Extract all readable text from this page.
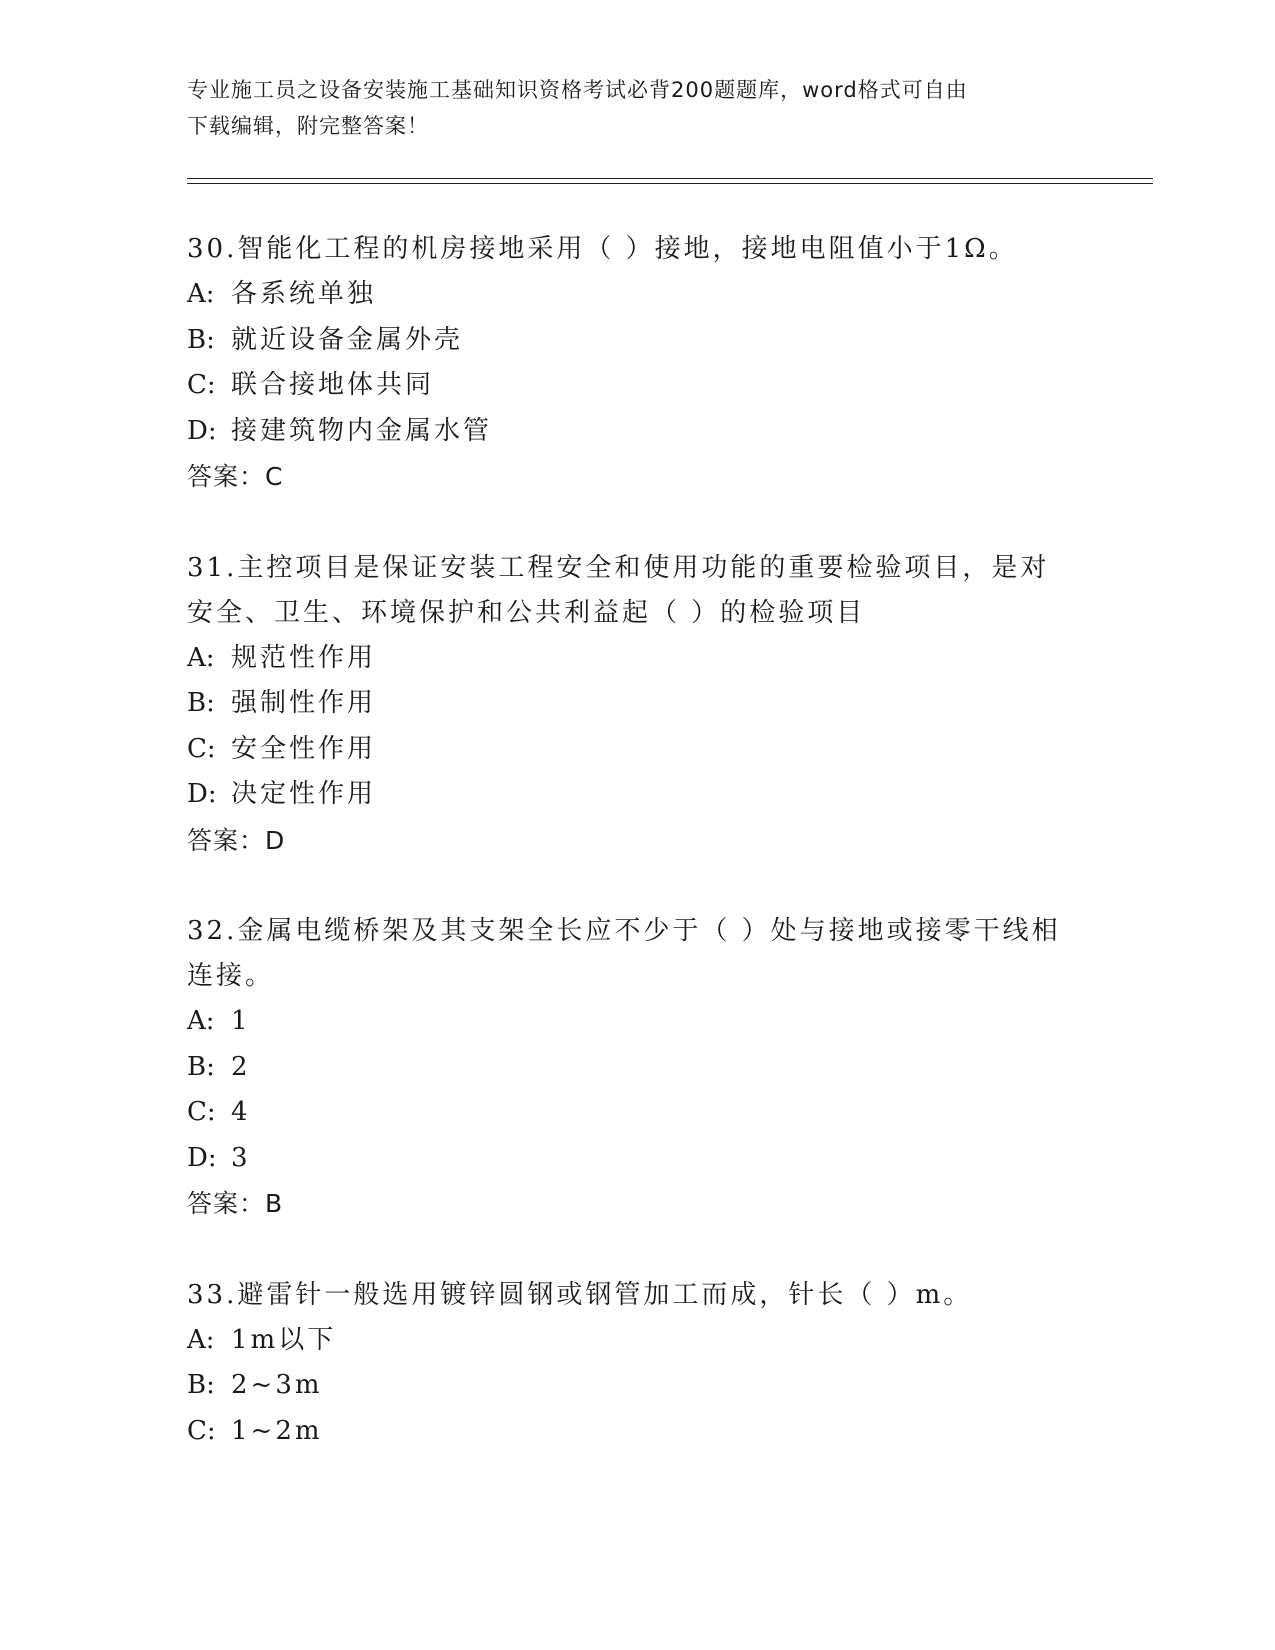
专业施工员之设备安装施工基础知识资格考试必背200题题库，word格式可自由
下载编辑，附完整答案！

30.智能化工程的机房接地采用（ ）接地，接地电阻值小于1Ω。

A: 各系统单独

B: 就近设备金属外壳

C: 联合接地体共同

D: 接建筑物内金属水管

答案：C

31.主控项目是保证安装工程安全和使用功能的重要检验项目，是对安全、卫生、环境保护和公共利益起（ ）的检验项目

A: 规范性作用

B: 强制性作用

C: 安全性作用

D: 决定性作用

答案：D

32.金属电缆桥架及其支架全长应不少于（ ）处与接地或接零干线相连接。

A: 1

B: 2

C: 4

D: 3

答案：B

33.避雷针一般选用镀锌圆钢或钢管加工而成，针长（ ）m。

A: 1m以下

B: 2~3m

C: 1~2m
